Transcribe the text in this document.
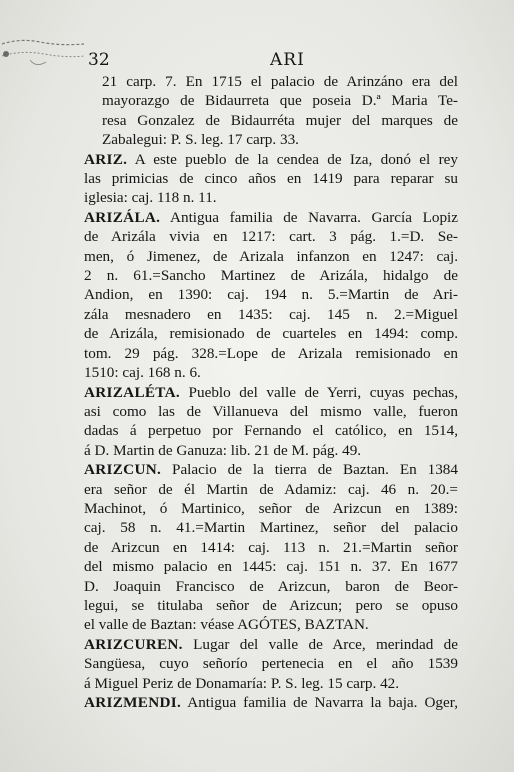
32	ARI

21 carp. 7. En 1715 el palacio de Arinzáno era del
mayorazgo de Bidaurreta que poseia D.ª Maria Te-
resa Gonzalez de Bidaurréta mujer del marques de
Zabalegui: P. S. leg. 17 carp. 33.

ARIZ. A este pueblo de la cendea de Iza, donó el rey
las primicias de cinco años en 1419 para reparar su
iglesia: caj. 118 n. 11.

ARIZÁLA. Antigua familia de Navarra. García Lopiz
de Arizála vivia en 1217: cart. 3 pág. 1.=D. Se-
men, ó Jimenez, de Arizala infanzon en 1247: caj.
2 n. 61.=Sancho Martinez de Arizála, hidalgo de
Andion, en 1390: caj. 194 n. 5.=Martin de Ari-
zála mesnadero en 1435: caj. 145 n. 2.=Miguel
de Arizála, remisionado de cuarteles en 1494: comp.
tom. 29 pág. 328.=Lope de Arizala remisionado en
1510: caj. 168 n. 6.

ARIZALÉTA. Pueblo del valle de Yerri, cuyas pechas,
asi como las de Villanueva del mismo valle, fueron
dadas á perpetuo por Fernando el católico, en 1514,
á D. Martin de Ganuza: lib. 21 de M. pág. 49.

ARIZCUN. Palacio de la tierra de Baztan. En 1384
era señor de él Martin de Adamiz: caj. 46 n. 20.=
Machinot, ó Martinico, señor de Arizcun en 1389:
caj. 58 n. 41.=Martin Martinez, señor del palacio
de Arizcun en 1414: caj. 113 n. 21.=Martin señor
del mismo palacio en 1445: caj. 151 n. 37. En 1677
D. Joaquin Francisco de Arizcun, baron de Beor-
legui, se titulaba señor de Arizcun; pero se opuso
el valle de Baztan: véase AGÓTES, BAZTAN.

ARIZCUREN. Lugar del valle de Arce, merindad de
Sangüesa, cuyo señorío pertenecia en el año 1539
á Miguel Periz de Donamaría: P. S. leg. 15 carp. 42.

ARIZMENDI. Antigua familia de Navarra la baja. Oger,
